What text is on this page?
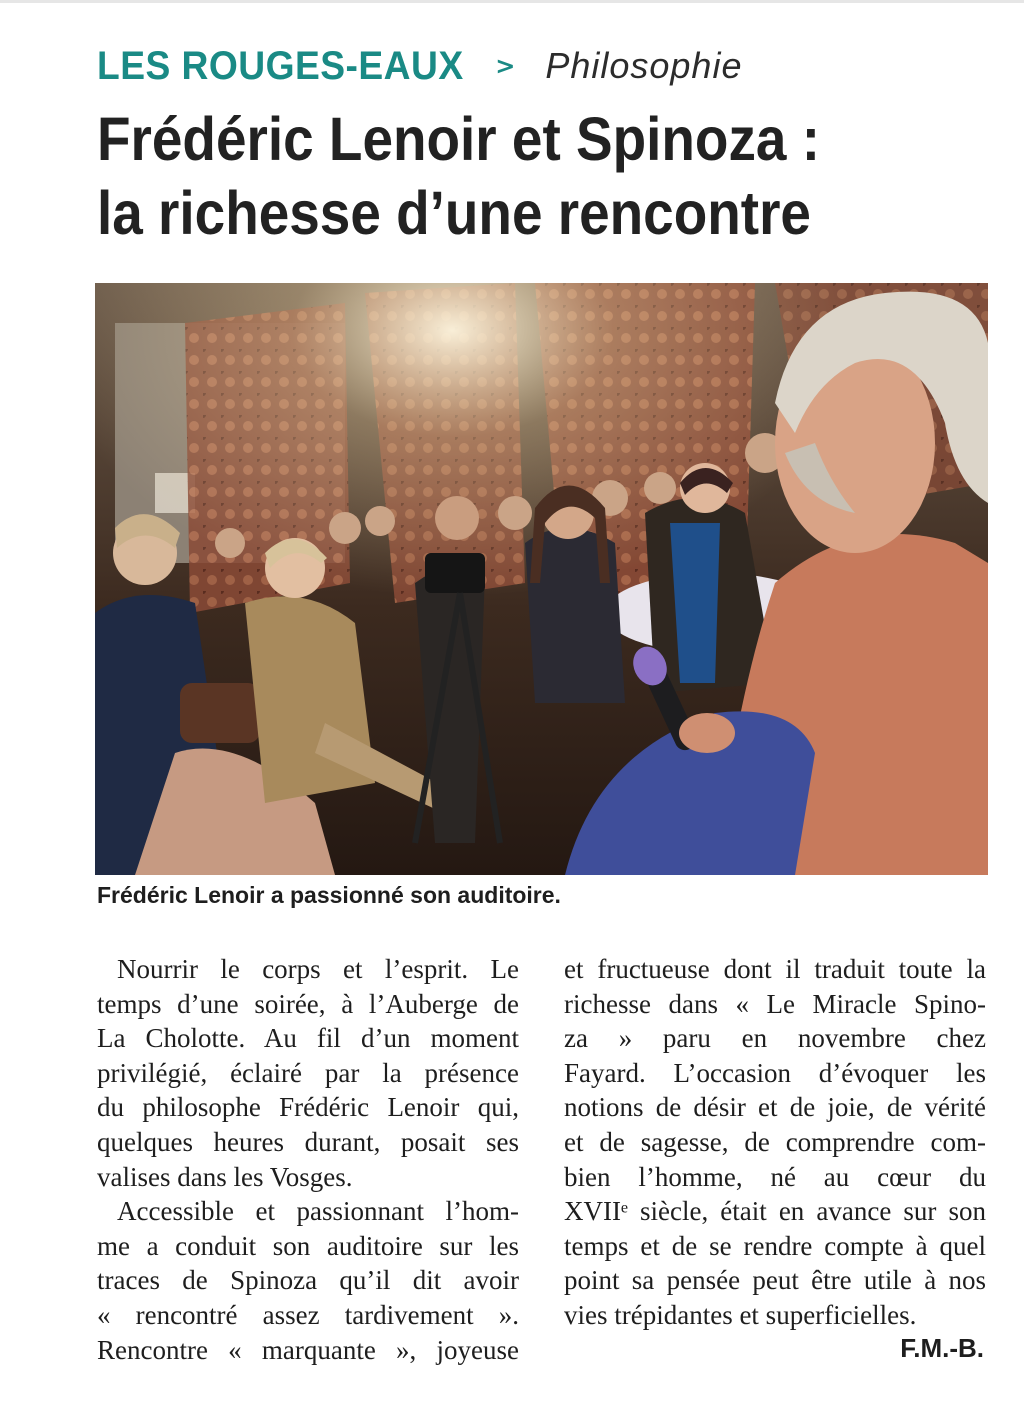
LES ROUGES-EAUX > Philosophie
Frédéric Lenoir et Spinoza :
la richesse d’une rencontre
Frédéric Lenoir a passionné son auditoire.

Nourrir le corps et l’esprit. Le

temps d’une soirée, à l’Auberge de

La Cholotte. Au fil d’un moment

privilégié, éclairé par la présence

du philosophe Frédéric Lenoir qui,

quelques heures durant, posait ses

valises dans les Vosges.

Accessible et passionnant l’hom-

me a conduit son auditoire sur les

traces de Spinoza qu’il dit avoir

« rencontré assez tardivement ».

Rencontre « marquante », joyeuse

et fructueuse dont il traduit toute la

richesse dans « Le Miracle Spino-

za » paru en novembre chez

Fayard. L’occasion d’évoquer les

notions de désir et de joie, de vérité

et de sagesse, de comprendre com-

bien l’homme, né au cœur du

XVIIᵉ siècle, était en avance sur son

temps et de se rendre compte à quel

point sa pensée peut être utile à nos

vies trépidantes et superficielles.

F.M.-B.
